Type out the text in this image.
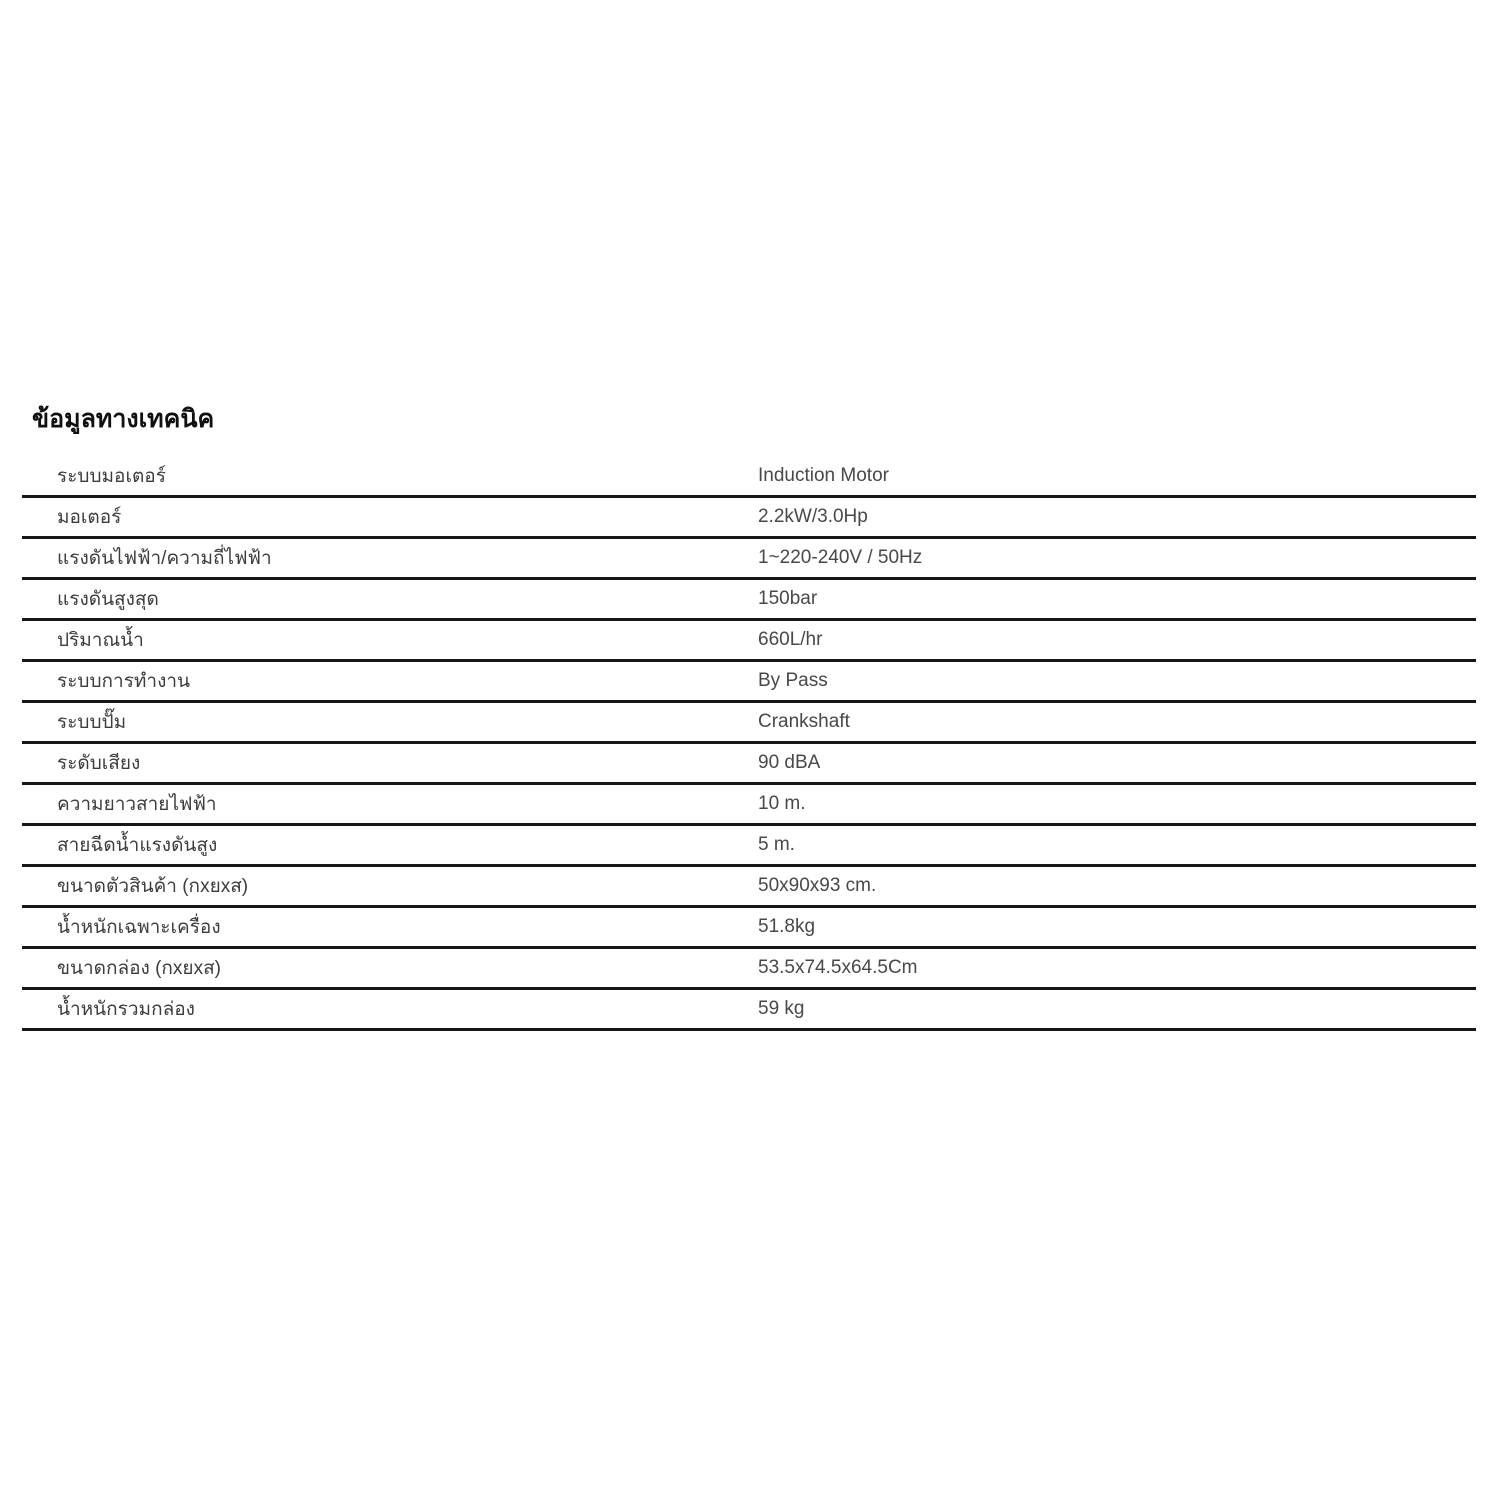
ข้อมูลทางเทคนิค
ระบบมอเตอร์	Induction Motor
มอเตอร์	2.2kW/3.0Hp
แรงดันไฟฟ้า/ความถี่ไฟฟ้า	1~220-240V / 50Hz
แรงดันสูงสุด	150bar
ปริมาณน้ำ	660L/hr
ระบบการทำงาน	By Pass
ระบบปั๊ม	Crankshaft
ระดับเสียง	90 dBA
ความยาวสายไฟฟ้า	10 m.
สายฉีดน้ำแรงดันสูง	5 m.
ขนาดตัวสินค้า (กxยxส)	50x90x93 cm.
น้ำหนักเฉพาะเครื่อง	51.8kg
ขนาดกล่อง (กxยxส)	53.5x74.5x64.5Cm
น้ำหนักรวมกล่อง	59 kg
